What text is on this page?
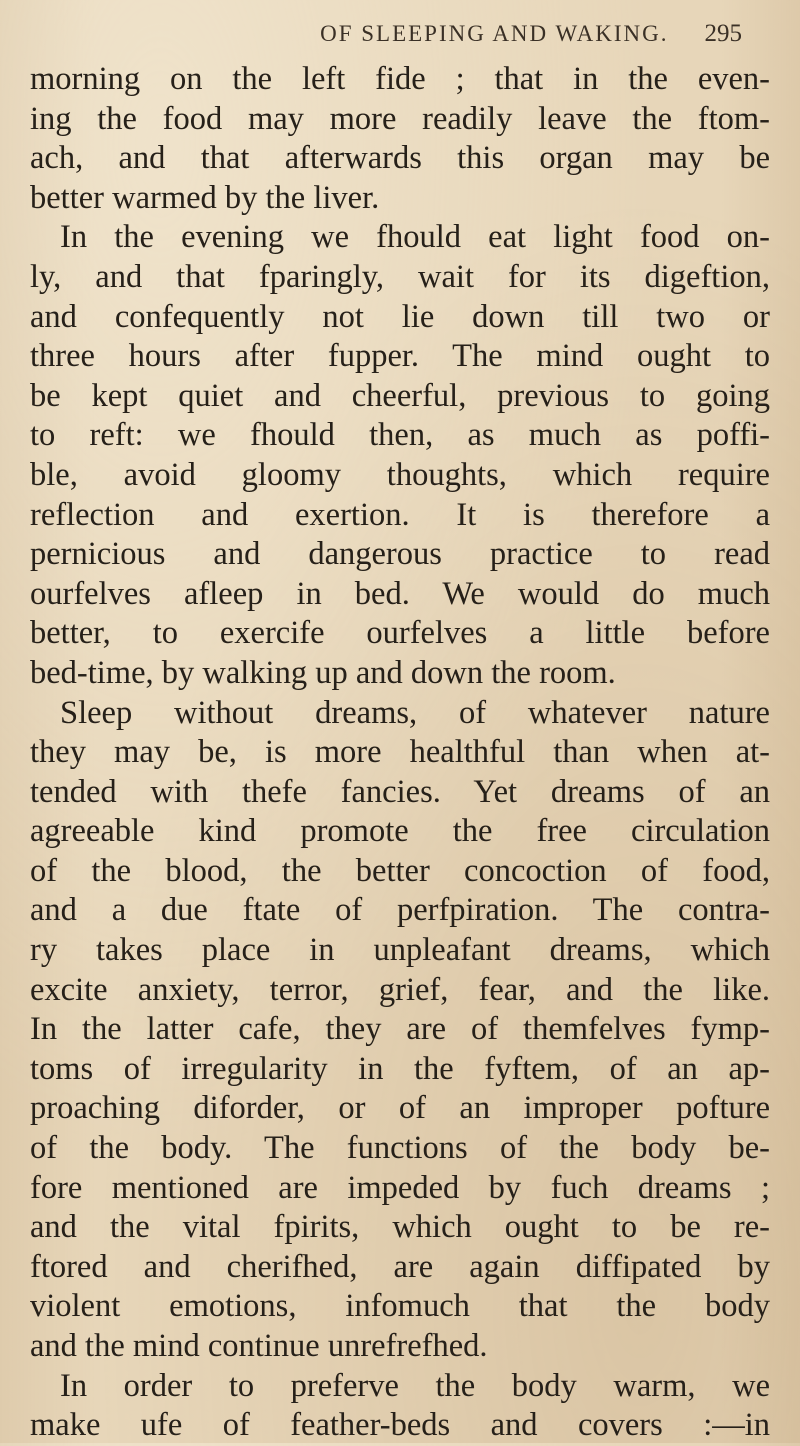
OF SLEEPING AND WAKING. 295
morning on the left fide ; that in the even-
ing the food may more readily leave the ftom-
ach, and that afterwards this organ may be
better warmed by the liver.
In the evening we fhould eat light food on-
ly, and that fparingly, wait for its digeftion,
and confequently not lie down till two or
three hours after fupper. The mind ought to
be kept quiet and cheerful, previous to going
to reft: we fhould then, as much as poffi-
ble, avoid gloomy thoughts, which require
reflection and exertion. It is therefore a
pernicious and dangerous practice to read
ourfelves afleep in bed. We would do much
better, to exercife ourfelves a little before
bed-time, by walking up and down the room.
Sleep without dreams, of whatever nature
they may be, is more healthful than when at-
tended with thefe fancies. Yet dreams of an
agreeable kind promote the free circulation
of the blood, the better concoction of food,
and a due ftate of perfpiration. The contra-
ry takes place in unpleafant dreams, which
excite anxiety, terror, grief, fear, and the like.
In the latter cafe, they are of themfelves fymp-
toms of irregularity in the fyftem, of an ap-
proaching diforder, or of an improper pofture
of the body. The functions of the body be-
fore mentioned are impeded by fuch dreams ;
and the vital fpirits, which ought to be re-
ftored and cherifhed, are again diffipated by
violent emotions, infomuch that the body
and the mind continue unrefrefhed.
In order to preferve the body warm, we
make ufe of feather-beds and covers :—in
